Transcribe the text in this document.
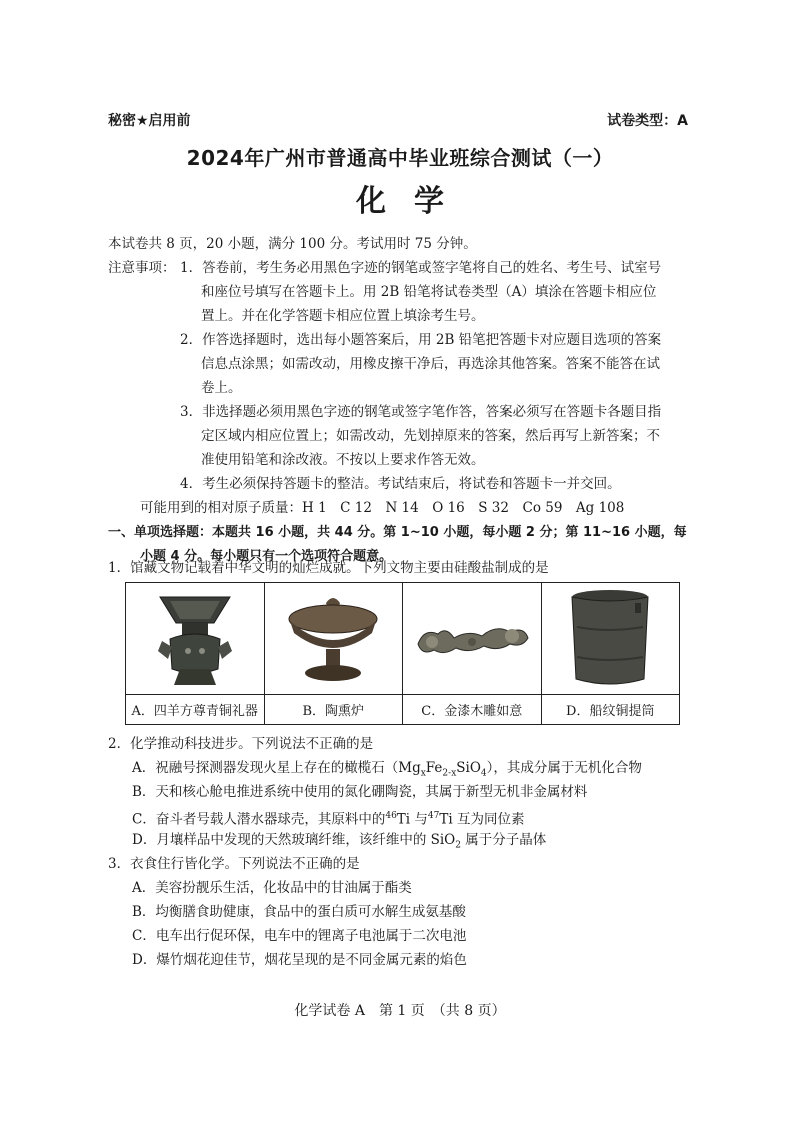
秘密★启用前	试卷类型：A
2024年广州市普通高中毕业班综合测试（一）
化学
本试卷共 8 页，20 小题，满分 100 分。考试用时 75 分钟。
注意事项： 1．答卷前，考生务必用黑色字迹的钢笔或签字笔将自己的姓名、考生号、试室号
和座位号填写在答题卡上。用 2B 铅笔将试卷类型（A）填涂在答题卡相应位
置上。并在化学答题卡相应位置上填涂考生号。
2．作答选择题时，选出每小题答案后，用 2B 铅笔把答题卡对应题目选项的答案
信息点涂黑；如需改动，用橡皮擦干净后，再选涂其他答案。答案不能答在试
卷上。
3．非选择题必须用黑色字迹的钢笔或签字笔作答，答案必须写在答题卡各题目指
定区域内相应位置上；如需改动，先划掉原来的答案，然后再写上新答案；不
准使用铅笔和涂改液。不按以上要求作答无效。
4．考生必须保持答题卡的整洁。考试结束后，将试卷和答题卡一并交回。
可能用到的相对原子质量：H 1　C 12　N 14　O 16　S 32　Co 59　Ag 108
一、单项选择题：本题共 16 小题，共 44 分。第 1~10 小题，每小题 2 分；第 11~16 小题，每
小题 4 分。每小题只有一个选项符合题意。
1．馆藏文物记载着中华文明的灿烂成就。下列文物主要由硅酸盐制成的是
A．四羊方尊青铜礼器	B．陶熏炉	C．金漆木雕如意	D．船纹铜提筒
2．化学推动科技进步。下列说法不正确的是
A．祝融号探测器发现火星上存在的橄榄石$(Mg_xFe_{2-x}SiO_4)$，其成分属于无机化合物
B．天和核心舱电推进系统中使用的氮化硼陶瓷，其属于新型无机非金属材料
C．奋斗者号载人潜水器球壳，其原料中的$^{46}$Ti 与$^{47}$Ti 互为同位素
D．月壤样品中发现的天然玻璃纤维，该纤维中的 SiO$_2$ 属于分子晶体
3．衣食住行皆化学。下列说法不正确的是
A．美容扮靓乐生活，化妆品中的甘油属于酯类
B．均衡膳食助健康，食品中的蛋白质可水解生成氨基酸
C．电车出行促环保，电车中的锂离子电池属于二次电池
D．爆竹烟花迎佳节，烟花呈现的是不同金属元素的焰色
化学试卷 A　第 1 页　（共 8 页）
